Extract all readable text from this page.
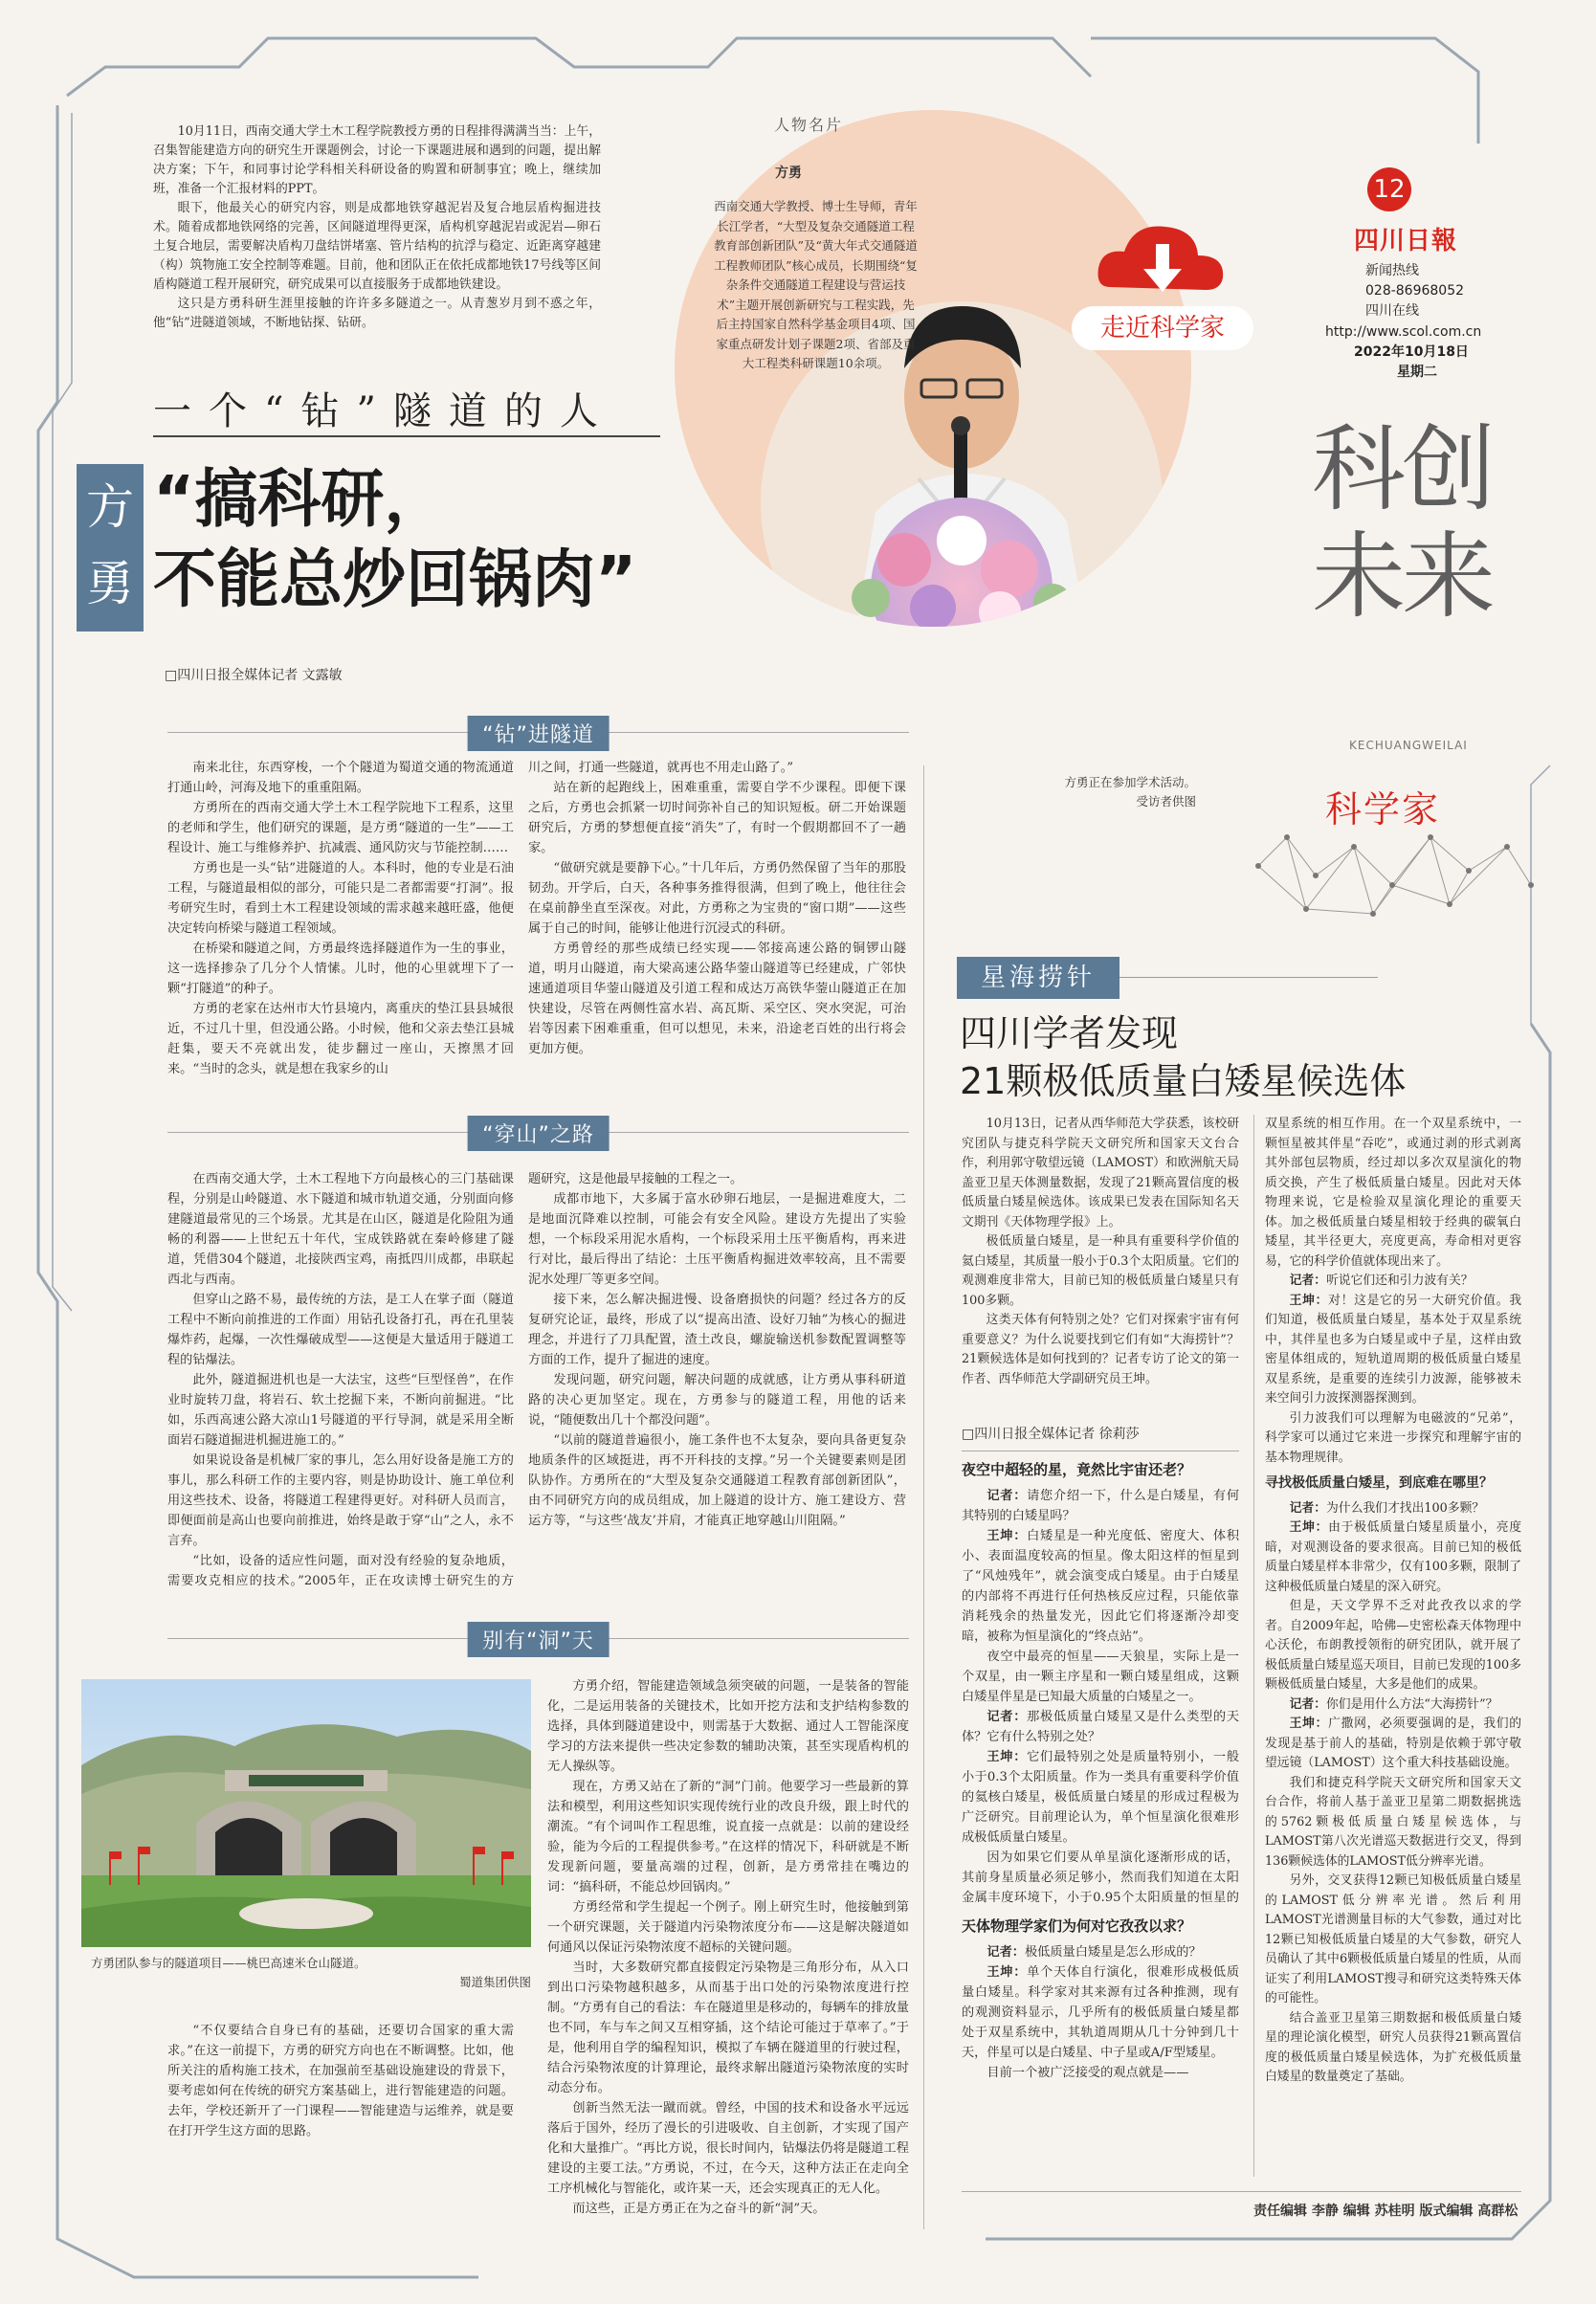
12
四川日報
新闻热线
028-86968052
四川在线
http://www.scol.com.cn
2022年10月18日
星期二
科创未来
KECHUANGWEILAI
科学家

10月11日，西南交通大学土木工程学院教授方勇的日程排得满满当当：上午，召集智能建造方向的研究生开课题例会，讨论一下课题进展和遇到的问题，提出解决方案；下午，和同事讨论学科相关科研设备的购置和研制事宜；晚上，继续加班，准备一个汇报材料的PPT。

眼下，他最关心的研究内容，则是成都地铁穿越泥岩及复合地层盾构掘进技术。随着成都地铁网络的完善，区间隧道埋得更深，盾构机穿越泥岩或泥岩—卵石土复合地层，需要解决盾构刀盘结饼堵塞、管片结构的抗浮与稳定、近距离穿越建（构）筑物施工安全控制等难题。目前，他和团队正在依托成都地铁17号线等区间盾构隧道工程开展研究，研究成果可以直接服务于成都地铁建设。

这只是方勇科研生涯里接触的许许多多隧道之一。从青葱岁月到不惑之年，他“钻”进隧道领域，不断地钻探、钻研。

一个“钻”隧道的人
方勇
“搞科研，
不能总炒回锅肉”
□四川日报全媒体记者 文露敏
人物名片
方勇
西南交通大学教授、博士生导师，青年长江学者，“大型及复杂交通隧道工程教育部创新团队”及“黄大年式交通隧道工程教师团队”核心成员，长期围绕“复杂条件交通隧道工程建设与营运技术”主题开展创新研究与工程实践，先后主持国家自然科学基金项目4项、国家重点研发计划子课题2项、省部及重大工程类科研课题10余项。
走近科学家
方勇正在参加学术活动。
受访者供图
“钻”进隧道

南来北往，东西穿梭，一个个隧道为蜀道交通的物流通道打通山岭，河海及地下的重重阻隔。

方勇所在的西南交通大学土木工程学院地下工程系，这里的老师和学生，他们研究的课题，是方勇“隧道的一生”——工程设计、施工与维修养护、抗减震、通风防灾与节能控制……

方勇也是一头“钻”进隧道的人。本科时，他的专业是石油工程，与隧道最相似的部分，可能只是二者都需要“打洞”。报考研究生时，看到土木工程建设领域的需求越来越旺盛，他便决定转向桥梁与隧道工程领域。

在桥梁和隧道之间，方勇最终选择隧道作为一生的事业，这一选择掺杂了几分个人情愫。儿时，他的心里就埋下了一颗“打隧道”的种子。

方勇的老家在达州市大竹县境内，离重庆的垫江县县城很近，不过几十里，但没通公路。小时候，他和父亲去垫江县城赶集，要天不亮就出发，徒步翻过一座山，天擦黑才回来。“当时的念头，就是想在我家乡的山

川之间，打通一些隧道，就再也不用走山路了。”

站在新的起跑线上，困难重重，需要自学不少课程。即便下课之后，方勇也会抓紧一切时间弥补自己的知识短板。研二开始课题研究后，方勇的梦想便直接“消失”了，有时一个假期都回不了一趟家。

“做研究就是要静下心。”十几年后，方勇仍然保留了当年的那股韧劲。开学后，白天，各种事务推得很满，但到了晚上，他往往会在桌前静坐直至深夜。对此，方勇称之为宝贵的“窗口期”——这些属于自己的时间，能够让他进行沉浸式的科研。

方勇曾经的那些成绩已经实现——邻接高速公路的铜锣山隧道，明月山隧道，南大梁高速公路华蓥山隧道等已经建成，广邻快速通道项目华蓥山隧道及引道工程和成达万高铁华蓥山隧道正在加快建设，尽管在两侧性富水岩、高瓦斯、采空区、突水突泥，可治岩等因素下困难重重，但可以想见，未来，沿途老百姓的出行将会更加方便。

“穿山”之路

在西南交通大学，土木工程地下方向最核心的三门基础课程，分别是山岭隧道、水下隧道和城市轨道交通，分别面向修建隧道最常见的三个场景。尤其是在山区，隧道是化险阻为通畅的利器——上世纪五十年代，宝成铁路就在秦岭修建了隧道，凭借304个隧道，北接陕西宝鸡，南抵四川成都，串联起西北与西南。

但穿山之路不易，最传统的方法，是工人在掌子面（隧道工程中不断向前推进的工作面）用钻孔设备打孔，再在孔里装爆炸药，起爆，一次性爆破成型——这便是大量适用于隧道工程的钻爆法。

此外，隧道掘进机也是一大法宝，这些“巨型怪兽”，在作业时旋转刀盘，将岩石、软土挖掘下来，不断向前掘进。“比如，乐西高速公路大凉山1号隧道的平行导洞，就是采用全断面岩石隧道掘进机掘进施工的。”

如果说设备是机械厂家的事儿，怎么用好设备是施工方的事儿，那么科研工作的主要内容，则是协助设计、施工单位利用这些技术、设备，将隧道工程建得更好。对科研人员而言，即便面前是高山也要向前推进，始终是敢于穿“山”之人，永不言弃。

“比如，设备的适应性问题，面对没有经验的复杂地质，需要攻克相应的技术。”2005年，正在攻读博士研究生的方

题研究，这是他最早接触的工程之一。

成都市地下，大多属于富水砂卵石地层，一是掘进难度大，二是地面沉降难以控制，可能会有安全风险。建设方先提出了实验想，一个标段采用泥水盾构，一个标段采用土压平衡盾构，再来进行对比，最后得出了结论：土压平衡盾构掘进效率较高，且不需要泥水处理厂等更多空间。

接下来，怎么解决掘进慢、设备磨损快的问题？经过各方的反复研究论证，最终，形成了以“提高出渣、设好刀轴”为核心的掘进理念，并进行了刀具配置，渣土改良，螺旋输送机参数配置调整等方面的工作，提升了掘进的速度。

发现问题，研究问题，解决问题的成就感，让方勇从事科研道路的决心更加坚定。现在，方勇参与的隧道工程，用他的话来说，“随便数出几十个都没问题”。

“以前的隧道普遍很小，施工条件也不太复杂，要向具备更复杂地质条件的区域挺进，再不开科技的支撑。”另一个关键要素则是团队协作。方勇所在的“大型及复杂交通隧道工程教育部创新团队”，由不同研究方向的成员组成，加上隧道的设计方、施工建设方、营运方等，“与这些‘战友’并肩，才能真正地穿越山川阻隔。”

别有“洞”天
方勇团队参与的隧道项目——桃巴高速米仓山隧道。
蜀道集团供图

“不仅要结合自身已有的基础，还要切合国家的重大需求。”在这一前提下，方勇的研究方向也在不断调整。比如，他所关注的盾构施工技术，在加强前至基础设施建设的背景下，要考虑如何在传统的研究方案基础上，进行智能建造的问题。去年，学校还新开了一门课程——智能建造与运维养，就是要在打开学生这方面的思路。

方勇介绍，智能建造领域急须突破的问题，一是装备的智能化，二是运用装备的关键技术，比如开挖方法和支护结构参数的选择，具体到隧道建设中，则需基于大数据、通过人工智能深度学习的方法来提供一些决定参数的辅助决策，甚至实现盾构机的无人操纵等。

现在，方勇又站在了新的“洞”门前。他要学习一些最新的算法和模型，利用这些知识实现传统行业的改良升级，跟上时代的潮流。“有个词叫作工程思维，说直接一点就是：以前的建设经验，能为今后的工程提供参考。”在这样的情况下，科研就是不断发现新问题，要量高端的过程，创新，是方勇常挂在嘴边的词：“搞科研，不能总炒回锅肉。”

方勇经常和学生提起一个例子。刚上研究生时，他接触到第一个研究课题，关于隧道内污染物浓度分布——这是解决隧道如何通风以保证污染物浓度不超标的关键问题。

当时，大多数研究都直接假定污染物是三角形分布，从入口到出口污染物越积越多，从而基于出口处的污染物浓度进行控制。“方勇有自己的看法：车在隧道里是移动的，每辆车的排放量也不同，车与车之间又互相穿插，这个结论可能过于草率了。”于是，他利用自学的编程知识，模拟了车辆在隧道里的行驶过程，结合污染物浓度的计算理论，最终求解出隧道污染物浓度的实时动态分布。

创新当然无法一蹴而就。曾经，中国的技术和设备水平远远落后于国外，经历了漫长的引进吸收、自主创新，才实现了国产化和大量推广。“再比方说，很长时间内，钻爆法仍将是隧道工程建设的主要工法。”方勇说，不过，在今天，这种方法正在走向全工序机械化与智能化，或许某一天，还会实现真正的无人化。

而这些，正是方勇正在为之奋斗的新“洞”天。

星海捞针
四川学者发现
21颗极低质量白矮星候选体

10月13日，记者从西华师范大学获悉，该校研究团队与捷克科学院天文研究所和国家天文台合作，利用郭守敬望远镜（LAMOST）和欧洲航天局盖亚卫星天体测量数据，发现了21颗高置信度的极低质量白矮星候选体。该成果已发表在国际知名天文期刊《天体物理学报》上。

极低质量白矮星，是一种具有重要科学价值的氦白矮星，其质量一般小于0.3个太阳质量。它们的观测难度非常大，目前已知的极低质量白矮星只有100多颗。

这类天体有何特别之处？它们对探索宇宙有何重要意义？为什么说要找到它们有如“大海捞针”？21颗候选体是如何找到的？记者专访了论文的第一作者、西华师范大学副研究员王坤。

□四川日报全媒体记者 徐莉莎
夜空中超轻的星，竟然比宇宙还老？

记者：请您介绍一下，什么是白矮星，有何其特别的白矮星吗？

王坤：白矮星是一种光度低、密度大、体积小、表面温度较高的恒星。像太阳这样的恒星到了“风烛残年”，就会演变成白矮星。由于白矮星的内部将不再进行任何热核反应过程，只能依靠消耗残余的热量发光，因此它们将逐渐冷却变暗，被称为恒星演化的“终点站”。

夜空中最亮的恒星——天狼星，实际上是一个双星，由一颗主序星和一颗白矮星组成，这颗白矮星伴星是已知最大质量的白矮星之一。

记者：那极低质量白矮星又是什么类型的天体？它有什么特别之处？

王坤：它们最特别之处是质量特别小，一般小于0.3个太阳质量。作为一类具有重要科学价值的氦核白矮星，极低质量白矮星的形成过程极为广泛研究。目前理论认为，单个恒星演化很难形成极低质量白矮星。

因为如果它们要从单星演化逐渐形成的话，其前身星质量必须足够小，然而我们知道在太阳金属丰度环境下，小于0.95个太阳质量的恒星的

天体物理学家们为何对它孜孜以求？

记者：极低质量白矮星是怎么形成的？

王坤：单个天体自行演化，很难形成极低质量白矮星。科学家对其来源有过各种推测，现有的观测资料显示，几乎所有的极低质量白矮星都处于双星系统中，其轨道周期从几十分钟到几十天，伴星可以是白矮星、中子星或A/F型矮星。

目前一个被广泛接受的观点就是——

双星系统的相互作用。在一个双星系统中，一颗恒星被其伴星“吞吃”，或通过剥的形式剥离其外部包层物质，经过却以多次双星演化的物质交换，产生了极低质量白矮星。因此对天体物理来说，它是检验双星演化理论的重要天体。加之极低质量白矮星相较于经典的碳氧白矮星，其半径更大，亮度更高，寿命相对更容易，它的科学价值就体现出来了。

记者：听说它们还和引力波有关？

王坤：对！这是它的另一大研究价值。我们知道，极低质量白矮星，基本处于双星系统中，其伴星也多为白矮星或中子星，这样由致密星体组成的，短轨道周期的极低质量白矮星双星系统，是重要的连续引力波源，能够被未来空间引力波探测器探测到。

引力波我们可以理解为电磁波的“兄弟”，科学家可以通过它来进一步探究和理解宇宙的基本物理规律。

寻找极低质量白矮星，到底难在哪里？

记者：为什么我们才找出100多颗？

王坤：由于极低质量白矮星质量小，亮度暗，对观测设备的要求很高。目前已知的极低质量白矮星样本非常少，仅有100多颗，限制了这种极低质量白矮星的深入研究。

但是，天文学界不乏对此孜孜以求的学者。自2009年起，哈佛—史密松森天体物理中心沃伦，布朗教授领衔的研究团队，就开展了极低质量白矮星巡天项目，目前已发现的100多颗极低质量白矮星，大多是他们的成果。

记者：你们是用什么方法“大海捞针”？

王坤：广撒网，必须要强调的是，我们的发现是基于前人的基础，特别是依赖于郭守敬望远镜（LAMOST）这个重大科技基础设施。

我们和捷克科学院天文研究所和国家天文台合作，将前人基于盖亚卫星第二期数据挑选的5762颗极低质量白矮星候选体，与LAMOST第八次光谱巡天数据进行交叉，得到136颗候选体的LAMOST低分辨率光谱。

另外，交叉获得12颗已知极低质量白矮星的LAMOST低分辨率光谱。然后利用LAMOST光谱测量目标的大气参数，通过对比12颗已知极低质量白矮星的大气参数，研究人员确认了其中6颗极低质量白矮星的性质，从而证实了利用LAMOST搜寻和研究这类特殊天体的可能性。

结合盖亚卫星第三期数据和极低质量白矮星的理论演化模型，研究人员获得21颗高置信度的极低质量白矮星候选体，为扩充极低质量白矮星的数量奠定了基础。

责任编辑 李静 编辑 苏桂明 版式编辑 高群松
